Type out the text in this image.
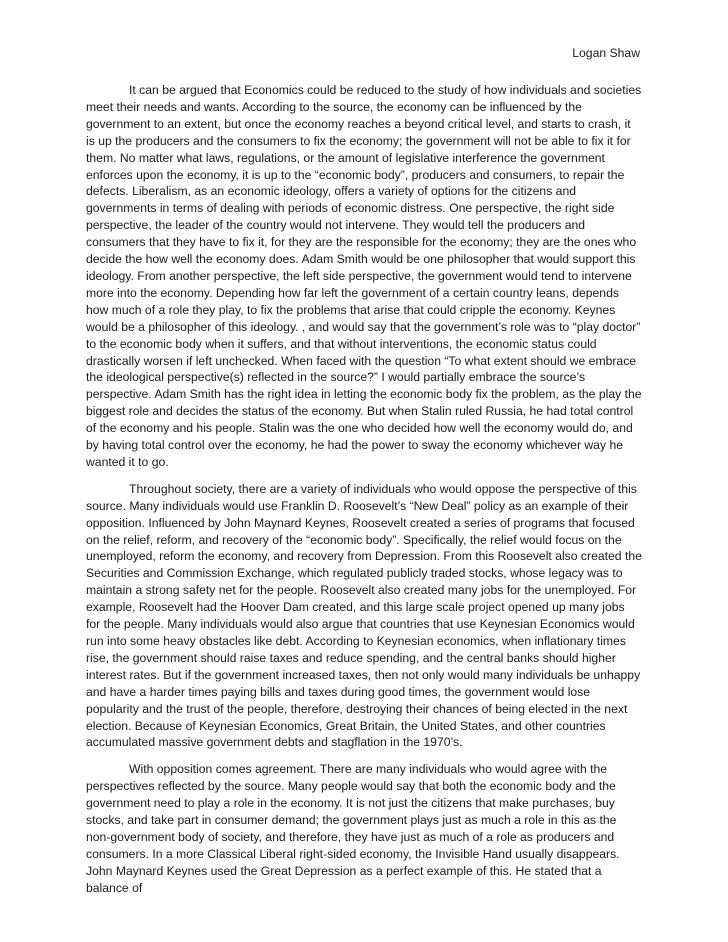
Logan Shaw

It can be argued that Economics could be reduced to the study of how individuals and societies meet their needs and wants. According to the source, the economy can be influenced by the government to an extent, but once the economy reaches a beyond critical level, and starts to crash, it is up the producers and the consumers to fix the economy; the government will not be able to fix it for them. No matter what laws, regulations, or the amount of legislative interference the government enforces upon the economy, it is up to the “economic body”, producers and consumers, to repair the defects. Liberalism, as an economic ideology, offers a variety of options for the citizens and governments in terms of dealing with periods of economic distress. One perspective, the right side perspective, the leader of the country would not intervene. They would tell the producers and consumers that they have to fix it, for they are the responsible for the economy; they are the ones who decide the how well the economy does. Adam Smith would be one philosopher that would support this ideology. From another perspective, the left side perspective, the government would tend to intervene more into the economy. Depending how far left the government of a certain country leans, depends how much of a role they play, to fix the problems that arise that could cripple the economy. Keynes would be a philosopher of this ideology. , and would say that the government’s role was to “play doctor” to the economic body when it suffers, and that without interventions, the economic status could drastically worsen if left unchecked. When faced with the question “To what extent should we embrace the ideological perspective(s) reflected in the source?” I would partially embrace the source’s perspective. Adam Smith has the right idea in letting the economic body fix the problem, as the play the biggest role and decides the status of the economy. But when Stalin ruled Russia, he had total control of the economy and his people. Stalin was the one who decided how well the economy would do, and by having total control over the economy, he had the power to sway the economy whichever way he wanted it to go.

Throughout society, there are a variety of individuals who would oppose the perspective of this source. Many individuals would use Franklin D. Roosevelt’s “New Deal” policy as an example of their opposition. Influenced by John Maynard Keynes, Roosevelt created a series of programs that focused on the relief, reform, and recovery of the “economic body”. Specifically, the relief would focus on the unemployed, reform the economy, and recovery from Depression. From this Roosevelt also created the Securities and Commission Exchange, which regulated publicly traded stocks, whose legacy was to maintain a strong safety net for the people. Roosevelt also created many jobs for the unemployed. For example, Roosevelt had the Hoover Dam created, and this large scale project opened up many jobs for the people. Many individuals would also argue that countries that use Keynesian Economics would run into some heavy obstacles like debt. According to Keynesian economics, when inflationary times rise, the government should raise taxes and reduce spending, and the central banks should higher interest rates. But if the government increased taxes, then not only would many individuals be unhappy and have a harder times paying bills and taxes during good times, the government would lose popularity and the trust of the people, therefore, destroying their chances of being elected in the next election. Because of Keynesian Economics, Great Britain, the United States, and other countries accumulated massive government debts and stagflation in the 1970’s.

With opposition comes agreement. There are many individuals who would agree with the perspectives reflected by the source. Many people would say that both the economic body and the government need to play a role in the economy. It is not just the citizens that make purchases, buy stocks, and take part in consumer demand; the government plays just as much a role in this as the non-government body of society, and therefore, they have just as much of a role as producers and consumers. In a more Classical Liberal right-sided economy, the Invisible Hand usually disappears. John Maynard Keynes used the Great Depression as a perfect example of this. He stated that a balance of
